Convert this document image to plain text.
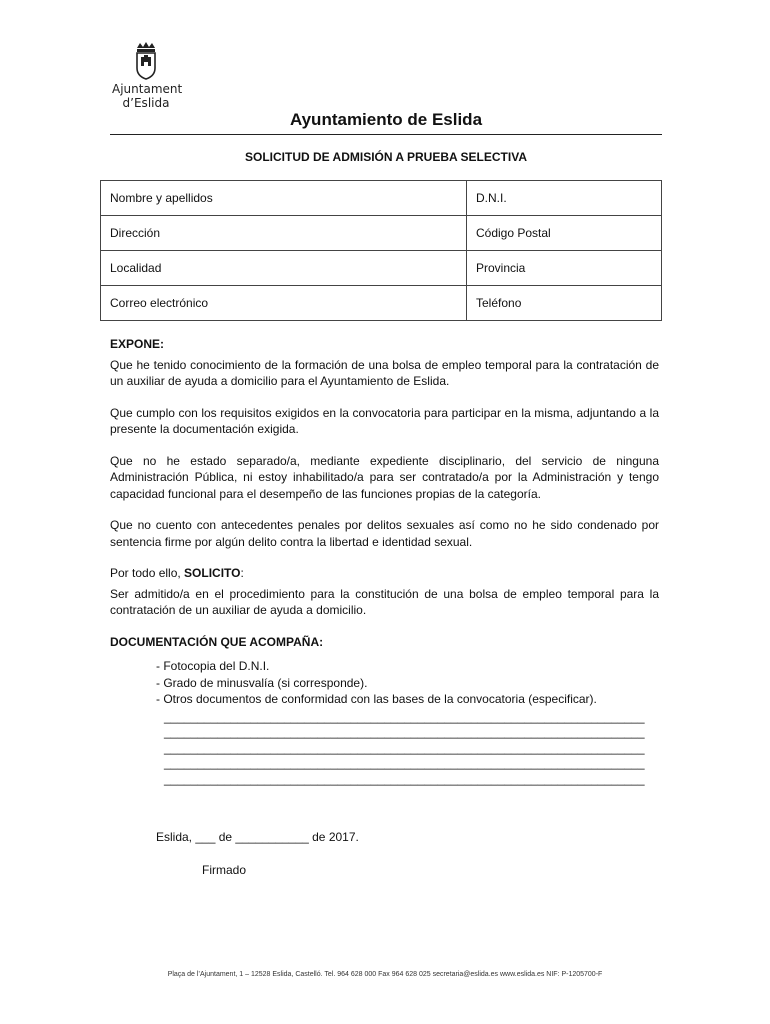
Ajuntament
d’Eslida
Ayuntamiento de Eslida
SOLICITUD DE ADMISIÓN A PRUEBA SELECTIVA
Nombre y apellidos	D.N.I.
Dirección	Código Postal
Localidad	Provincia
Correo electrónico	Teléfono

EXPONE:

Que he tenido conocimiento de la formación de una bolsa de empleo temporal para la contratación de un auxiliar de ayuda a domicilio para el Ayuntamiento de Eslida.

Que cumplo con los requisitos exigidos en la convocatoria para participar en la misma, adjuntando a la presente la documentación exigida.

Que no he estado separado/a, mediante expediente disciplinario, del servicio de ninguna Administración Pública, ni estoy inhabilitado/a para ser contratado/a por la Administración y tengo capacidad funcional para el desempeño de las funciones propias de la categoría.

Que no cuento con antecedentes penales por delitos sexuales así como no he sido condenado por sentencia firme por algún delito contra la libertad e identidad sexual.

Por todo ello, SOLICITO:

Ser admitido/a en el procedimiento para la constitución de una bolsa de empleo temporal para la contratación de un auxiliar de ayuda a domicilio.

DOCUMENTACIÓN QUE ACOMPAÑA:

- Fotocopia del D.N.I.
- Grado de minusvalía (si corresponde).
- Otros documentos de conformidad con las bases de la convocatoria (especificar).
________________________________________________________________________
________________________________________________________________________
________________________________________________________________________
________________________________________________________________________
________________________________________________________________________
Eslida, ___ de ___________ de 2017.
Firmado
Plaça de l’Ajuntament, 1 – 12528 Eslida, Castelló. Tel. 964 628 000 Fax 964 628 025 secretaria@eslida.es www.eslida.es NIF: P-1205700-F
